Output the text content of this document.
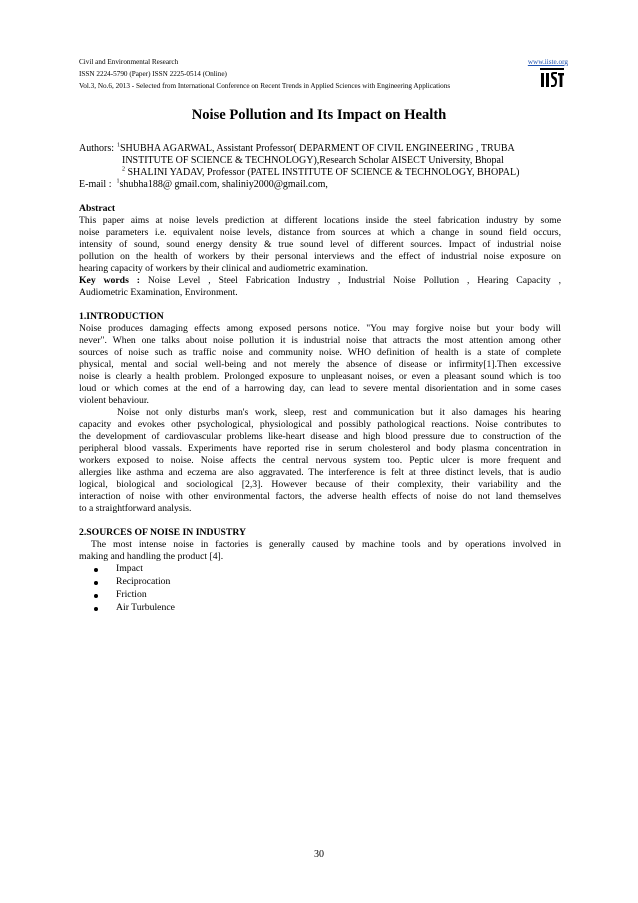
Civil and Environmental Research	www.iiste.org
ISSN 2224-5790 (Paper) ISSN 2225-0514 (Online)
Vol.3, No.6, 2013 - Selected from International Conference on Recent Trends in Applied Sciences with Engineering Applications
Noise Pollution and Its Impact on Health
Authors: $^1$SHUBHA AGARWAL, Assistant Professor( DEPARMENT OF CIVIL ENGINEERING , TRUBA
INSTITUTE OF SCIENCE & TECHNOLOGY),Research Scholar AISECT University, Bhopal
$^2$ SHALINI YADAV, Professor (PATEL INSTITUTE OF SCIENCE & TECHNOLOGY, BHOPAL)
E-mail : $^1$shubha188@ gmail.com, shaliniy2000@gmail.com,
Abstract
This paper aims at noise levels prediction at different locations inside the steel fabrication industry by some
noise parameters i.e. equivalent noise levels, distance from sources at which a change in sound field occurs,
intensity of sound, sound energy density & true sound level of different sources. Impact of industrial noise
pollution on the health of workers by their personal interviews and the effect of industrial noise exposure on
hearing capacity of workers by their clinical and audiometric examination.
Key words : Noise Level , Steel Fabrication Industry , Industrial Noise Pollution , Hearing Capacity ,
Audiometric Examination, Environment.
1.INTRODUCTION
Noise produces damaging effects among exposed persons notice. "You may forgive noise but your body will
never". When one talks about noise pollution it is industrial noise that attracts the most attention among other
sources of noise such as traffic noise and community noise. WHO definition of health is a state of complete
physical, mental and social well-being and not merely the absence of disease or infirmity[1].Then excessive
noise is clearly a health problem. Prolonged exposure to unpleasant noises, or even a pleasant sound which is too
loud or which comes at the end of a harrowing day, can lead to severe mental disorientation and in some cases
violent behaviour.
Noise not only disturbs man's work, sleep, rest and communication but it also damages his hearing
capacity and evokes other psychological, physiological and possibly pathological reactions. Noise contributes to
the development of cardiovascular problems like-heart disease and high blood pressure due to construction of the
peripheral blood vassals. Experiments have reported rise in serum cholesterol and body plasma concentration in
workers exposed to noise. Noise affects the central nervous system too. Peptic ulcer is more frequent and
allergies like asthma and eczema are also aggravated. The interference is felt at three distinct levels, that is audio
logical, biological and sociological [2,3]. However because of their complexity, their variability and the
interaction of noise with other environmental factors, the adverse health effects of noise do not land themselves
to a straightforward analysis.
2.SOURCES OF NOISE IN INDUSTRY
The most intense noise in factories is generally caused by machine tools and by operations involved in
making and handling the product [4].
Impact
Reciprocation
Friction
Air Turbulence
30
